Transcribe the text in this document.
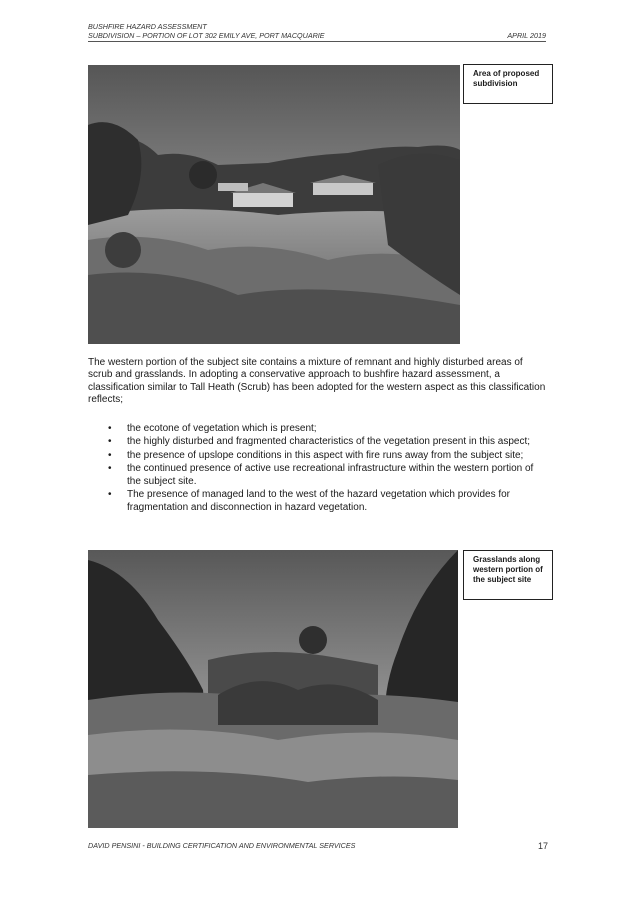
BUSHFIRE HAZARD ASSESSMENT
SUBDIVISION – PORTION OF LOT 302 EMILY AVE, PORT MACQUARIE	APRIL 2019
Area of proposed subdivision
The western portion of the subject site contains a mixture of remnant and highly disturbed areas of scrub and grasslands. In adopting a conservative approach to bushfire hazard assessment, a classification similar to Tall Heath (Scrub) has been adopted for the western aspect as this classification reflects;
• the ecotone of vegetation which is present;
• the highly disturbed and fragmented characteristics of the vegetation present in this aspect;
• the presence of upslope conditions in this aspect with fire runs away from the subject site;
• the continued presence of active use recreational infrastructure within the western portion of the subject site.
• The presence of managed land to the west of the hazard vegetation which provides for fragmentation and disconnection in hazard vegetation.
Grasslands along western portion of the subject site
DAVID PENSINI - BUILDING CERTIFICATION AND ENVIRONMENTAL SERVICES	17
